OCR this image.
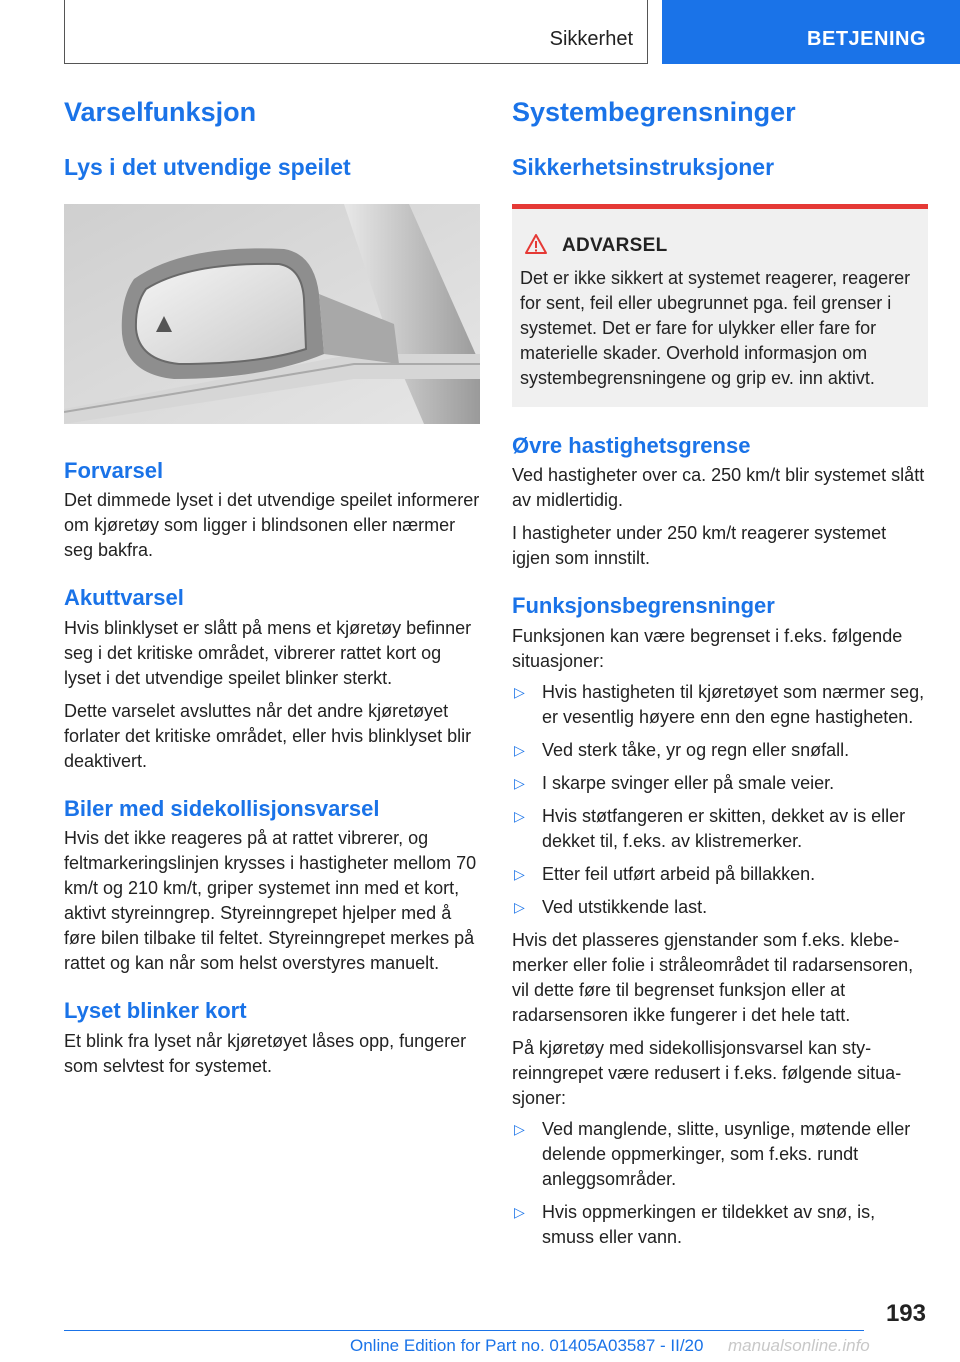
Sikkerhet	BETJENING
Varselfunksjon
Lys i det utvendige speilet
Forvarsel

Det dimmede lyset i det utvendige speilet informerer om kjøretøy som ligger i blindsonen eller nærmer seg bakfra.

Akuttvarsel

Hvis blinklyset er slått på mens et kjøretøy befinner seg i det kritiske området, vibrerer rattet kort og lyset i det utvendige speilet blinker sterkt.

Dette varselet avsluttes når det andre kjøretøyet forlater det kritiske området, eller hvis blinklyset blir deaktivert.

Biler med sidekollisjonsvarsel

Hvis det ikke reageres på at rattet vibrerer, og feltmarkeringslinjen krysses i hastigheter mellom 70 km/t og 210 km/t, griper systemet inn med et kort, aktivt styreinngrep. Styreinngrepet hjelper med å føre bilen tilbake til feltet. Styreinngrepet merkes på rattet og kan når som helst overstyres manuelt.

Lyset blinker kort

Et blink fra lyset når kjøretøyet låses opp, fungerer som selvtest for systemet.

Systembegrensninger
Sikkerhetsinstruksjoner
ADVARSEL

Det er ikke sikkert at systemet reagerer, reagerer for sent, feil eller ubegrunnet pga. feil grenser i systemet. Det er fare for ulykker eller fare for materielle skader. Overhold informasjon om systembegrensningene og grip ev. inn aktivt.

Øvre hastighetsgrense

Ved hastigheter over ca. 250 km/t blir systemet slått av midlertidig.

I hastigheter under 250 km/t reagerer systemet igjen som innstilt.

Funksjonsbegrensninger

Funksjonen kan være begrenset i f.eks. følgende situasjoner:

▷ Hvis hastigheten til kjøretøyet som nærmer seg, er vesentlig høyere enn den egne hastigheten.
▷ Ved sterk tåke, yr og regn eller snøfall.
▷ I skarpe svinger eller på smale veier.
▷ Hvis støtfangeren er skitten, dekket av is eller dekket til, f.eks. av klistremerker.
▷ Etter feil utført arbeid på billakken.
▷ Ved utstikkende last.

Hvis det plasseres gjenstander som f.eks. klebemerker eller folie i stråleområdet til radarsensoren, vil dette føre til begrenset funksjon eller at radarsensoren ikke fungerer i det hele tatt.

På kjøretøy med sidekollisjonsvarsel kan styreinngrepet være redusert i f.eks. følgende situasjoner:

▷ Ved manglende, slitte, usynlige, møtende eller delende oppmerkinger, som f.eks. rundt anleggsområder.
▷ Hvis oppmerkingen er tildekket av snø, is, smuss eller vann.
193
Online Edition for Part no. 01405A03587 - II/20 manualsonline.info
